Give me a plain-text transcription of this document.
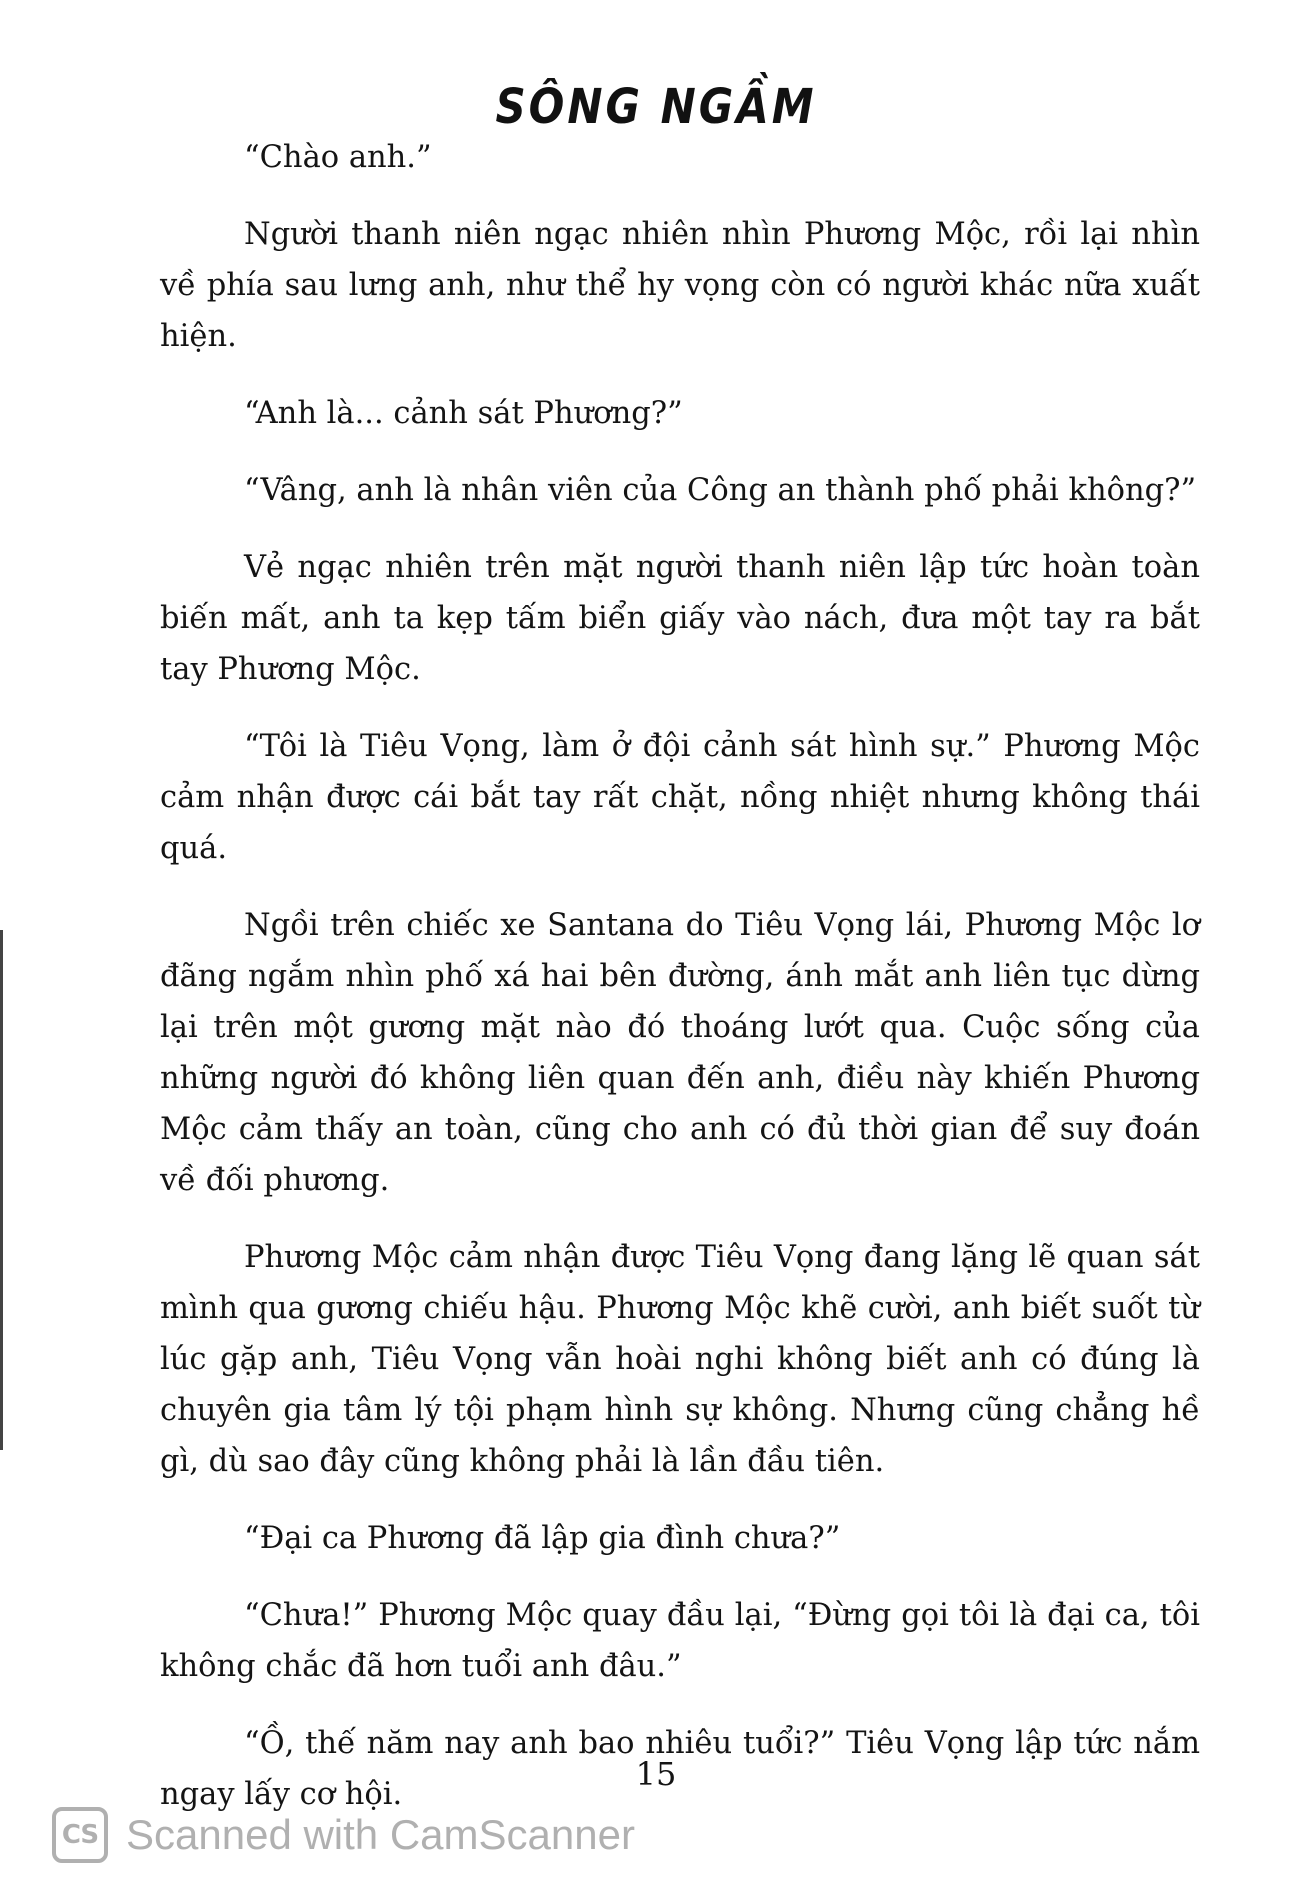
SÔNG NGẦM

“Chào anh.”

Người thanh niên ngạc nhiên nhìn Phương Mộc, rồi lại nhìn về phía sau lưng anh, như thể hy vọng còn có người khác nữa xuất hiện.

“Anh là... cảnh sát Phương?”

“Vâng, anh là nhân viên của Công an thành phố phải không?”

Vẻ ngạc nhiên trên mặt người thanh niên lập tức hoàn toàn biến mất, anh ta kẹp tấm biển giấy vào nách, đưa một tay ra bắt tay Phương Mộc.

“Tôi là Tiêu Vọng, làm ở đội cảnh sát hình sự.” Phương Mộc cảm nhận được cái bắt tay rất chặt, nồng nhiệt nhưng không thái quá.

Ngồi trên chiếc xe Santana do Tiêu Vọng lái, Phương Mộc lơ đãng ngắm nhìn phố xá hai bên đường, ánh mắt anh liên tục dừng lại trên một gương mặt nào đó thoáng lướt qua. Cuộc sống của những người đó không liên quan đến anh, điều này khiến Phương Mộc cảm thấy an toàn, cũng cho anh có đủ thời gian để suy đoán về đối phương.

Phương Mộc cảm nhận được Tiêu Vọng đang lặng lẽ quan sát mình qua gương chiếu hậu. Phương Mộc khẽ cười, anh biết suốt từ lúc gặp anh, Tiêu Vọng vẫn hoài nghi không biết anh có đúng là chuyên gia tâm lý tội phạm hình sự không. Nhưng cũng chẳng hề gì, dù sao đây cũng không phải là lần đầu tiên.

“Đại ca Phương đã lập gia đình chưa?”

“Chưa!” Phương Mộc quay đầu lại, “Đừng gọi tôi là đại ca, tôi không chắc đã hơn tuổi anh đâu.”

“Ồ, thế năm nay anh bao nhiêu tuổi?” Tiêu Vọng lập tức nắm ngay lấy cơ hội.

15
CS Scanned with CamScanner
